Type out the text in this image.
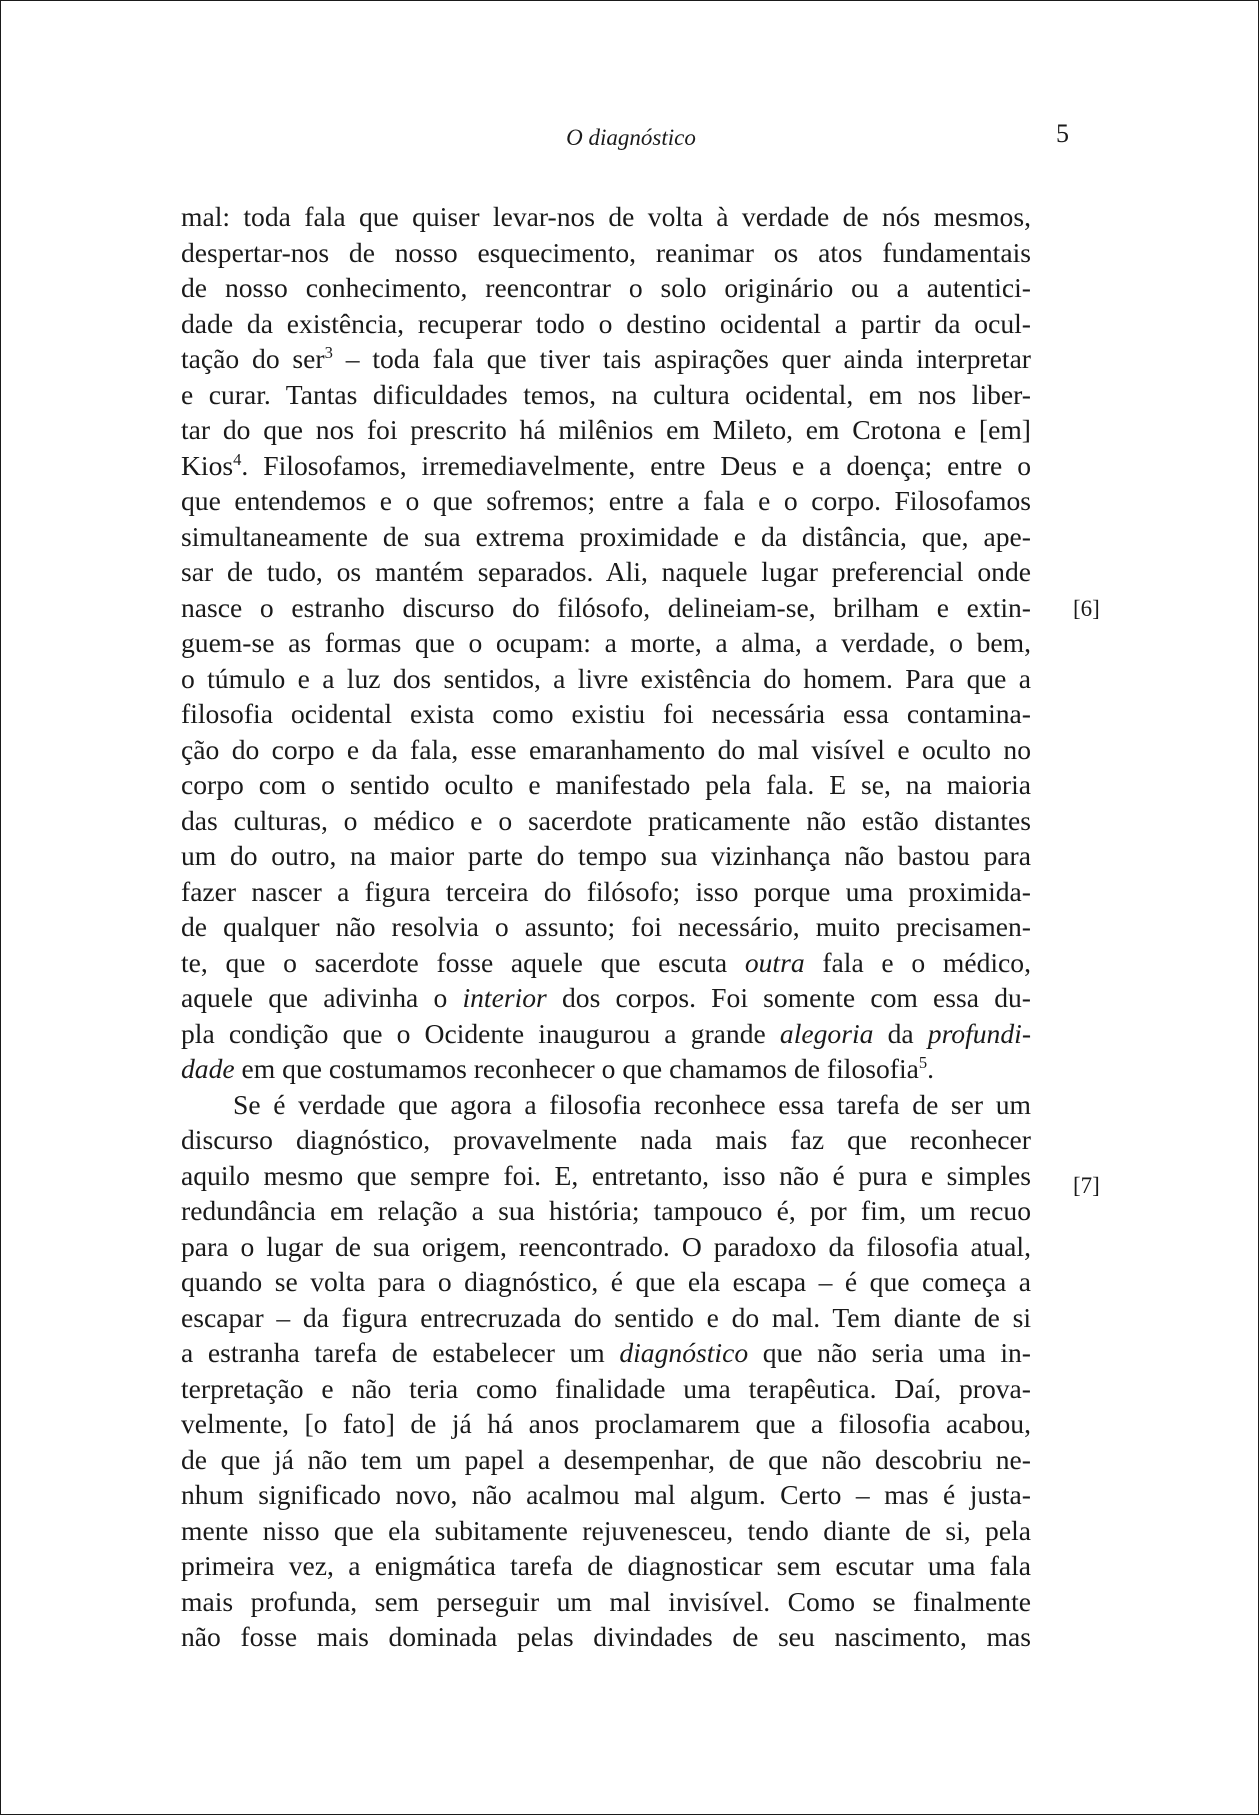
O diagnóstico	5
[6]
[7]

mal: toda fala que quiser levar-nos de volta à verdade de nós mesmos,
despertar-nos de nosso esquecimento, reanimar os atos fundamentais
de nosso conhecimento, reencontrar o solo originário ou a autentici-
dade da existência, recuperar todo o destino ocidental a partir da ocul-
tação do ser$^3$ – toda fala que tiver tais aspirações quer ainda interpretar
e curar. Tantas dificuldades temos, na cultura ocidental, em nos liber-
tar do que nos foi prescrito há milênios em Mileto, em Crotona e [em]
Kios$^4$. Filosofamos, irremediavelmente, entre Deus e a doença; entre o
que entendemos e o que sofremos; entre a fala e o corpo. Filosofamos
simultaneamente de sua extrema proximidade e da distância, que, ape-
sar de tudo, os mantém separados. Ali, naquele lugar preferencial onde
nasce o estranho discurso do filósofo, delineiam-se, brilham e extin-
guem-se as formas que o ocupam: a morte, a alma, a verdade, o bem,
o túmulo e a luz dos sentidos, a livre existência do homem. Para que a
filosofia ocidental exista como existiu foi necessária essa contamina-
ção do corpo e da fala, esse emaranhamento do mal visível e oculto no
corpo com o sentido oculto e manifestado pela fala. E se, na maioria
das culturas, o médico e o sacerdote praticamente não estão distantes
um do outro, na maior parte do tempo sua vizinhança não bastou para
fazer nascer a figura terceira do filósofo; isso porque uma proximida-
de qualquer não resolvia o assunto; foi necessário, muito precisamen-
te, que o sacerdote fosse aquele que escuta outra fala e o médico,
aquele que adivinha o interior dos corpos. Foi somente com essa du-
pla condição que o Ocidente inaugurou a grande alegoria da profundi-
dade em que costumamos reconhecer o que chamamos de filosofia$^5$.

Se é verdade que agora a filosofia reconhece essa tarefa de ser um
discurso diagnóstico, provavelmente nada mais faz que reconhecer
aquilo mesmo que sempre foi. E, entretanto, isso não é pura e simples
redundância em relação a sua história; tampouco é, por fim, um recuo
para o lugar de sua origem, reencontrado. O paradoxo da filosofia atual,
quando se volta para o diagnóstico, é que ela escapa – é que começa a
escapar – da figura entrecruzada do sentido e do mal. Tem diante de si
a estranha tarefa de estabelecer um diagnóstico que não seria uma in-
terpretação e não teria como finalidade uma terapêutica. Daí, prova-
velmente, [o fato] de já há anos proclamarem que a filosofia acabou,
de que já não tem um papel a desempenhar, de que não descobriu ne-
nhum significado novo, não acalmou mal algum. Certo – mas é justa-
mente nisso que ela subitamente rejuvenesceu, tendo diante de si, pela
primeira vez, a enigmática tarefa de diagnosticar sem escutar uma fala
mais profunda, sem perseguir um mal invisível. Como se finalmente
não fosse mais dominada pelas divindades de seu nascimento, mas
